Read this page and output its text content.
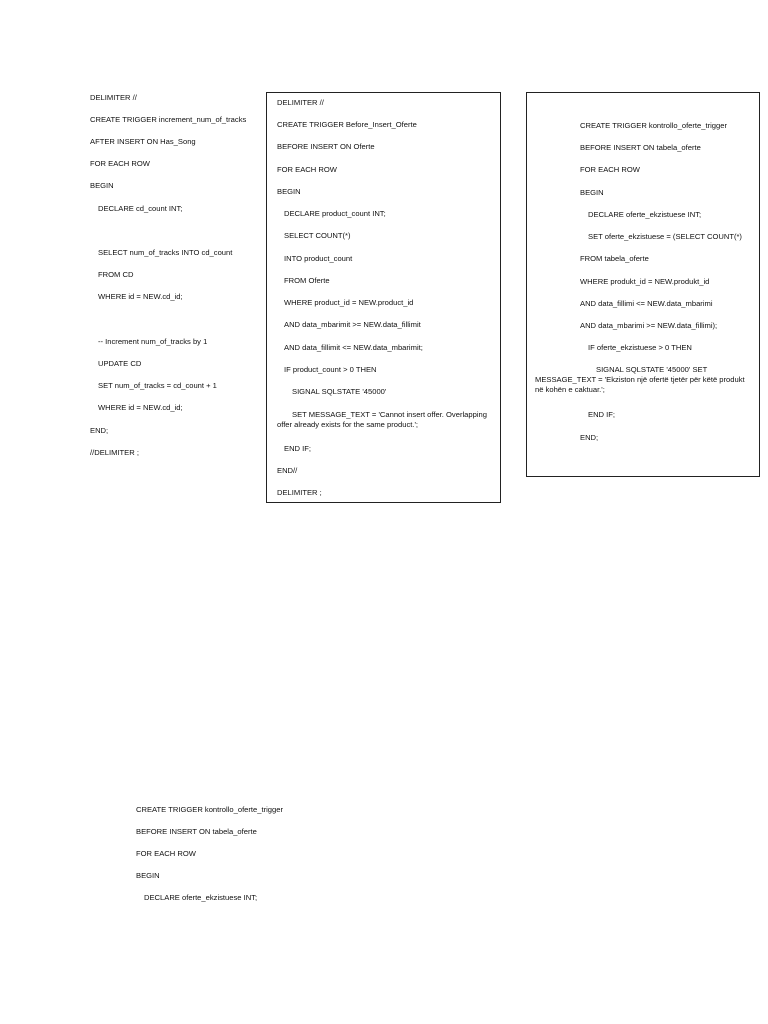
DELIMITER //
CREATE TRIGGER increment_num_of_tracks
AFTER INSERT ON Has_Song
FOR EACH ROW
BEGIN
DECLARE cd_count INT;
SELECT num_of_tracks INTO cd_count
FROM CD
WHERE id = NEW.cd_id;
-- Increment num_of_tracks by 1
UPDATE CD
SET num_of_tracks = cd_count + 1
WHERE id = NEW.cd_id;
END;
//DELIMITER ;
DELIMITER //
CREATE TRIGGER Before_Insert_Oferte
BEFORE INSERT ON Oferte
FOR EACH ROW
BEGIN
DECLARE product_count INT;
SELECT COUNT(*)
INTO product_count
FROM Oferte
WHERE product_id = NEW.product_id
AND data_mbarimit >= NEW.data_fillimit
AND data_fillimit <= NEW.data_mbarimit;
IF product_count > 0 THEN
SIGNAL SQLSTATE '45000'
SET MESSAGE_TEXT = 'Cannot insert offer. Overlapping offer already exists for the same product.';
END IF;
END//
DELIMITER ;
CREATE TRIGGER kontrollo_oferte_trigger
BEFORE INSERT ON tabela_oferte
FOR EACH ROW
BEGIN
DECLARE oferte_ekzistuese INT;
SET oferte_ekzistuese = (SELECT COUNT(*)
FROM tabela_oferte
WHERE produkt_id = NEW.produkt_id
AND data_fillimi <= NEW.data_mbarimi
AND data_mbarimi >= NEW.data_fillimi);
IF oferte_ekzistuese > 0 THEN
SIGNAL SQLSTATE '45000' SET MESSAGE_TEXT = 'Ekziston një ofertë tjetër për këtë produkt në kohën e caktuar.';
END IF;
END;
CREATE TRIGGER kontrollo_oferte_trigger
BEFORE INSERT ON tabela_oferte
FOR EACH ROW
BEGIN
DECLARE oferte_ekzistuese INT;
